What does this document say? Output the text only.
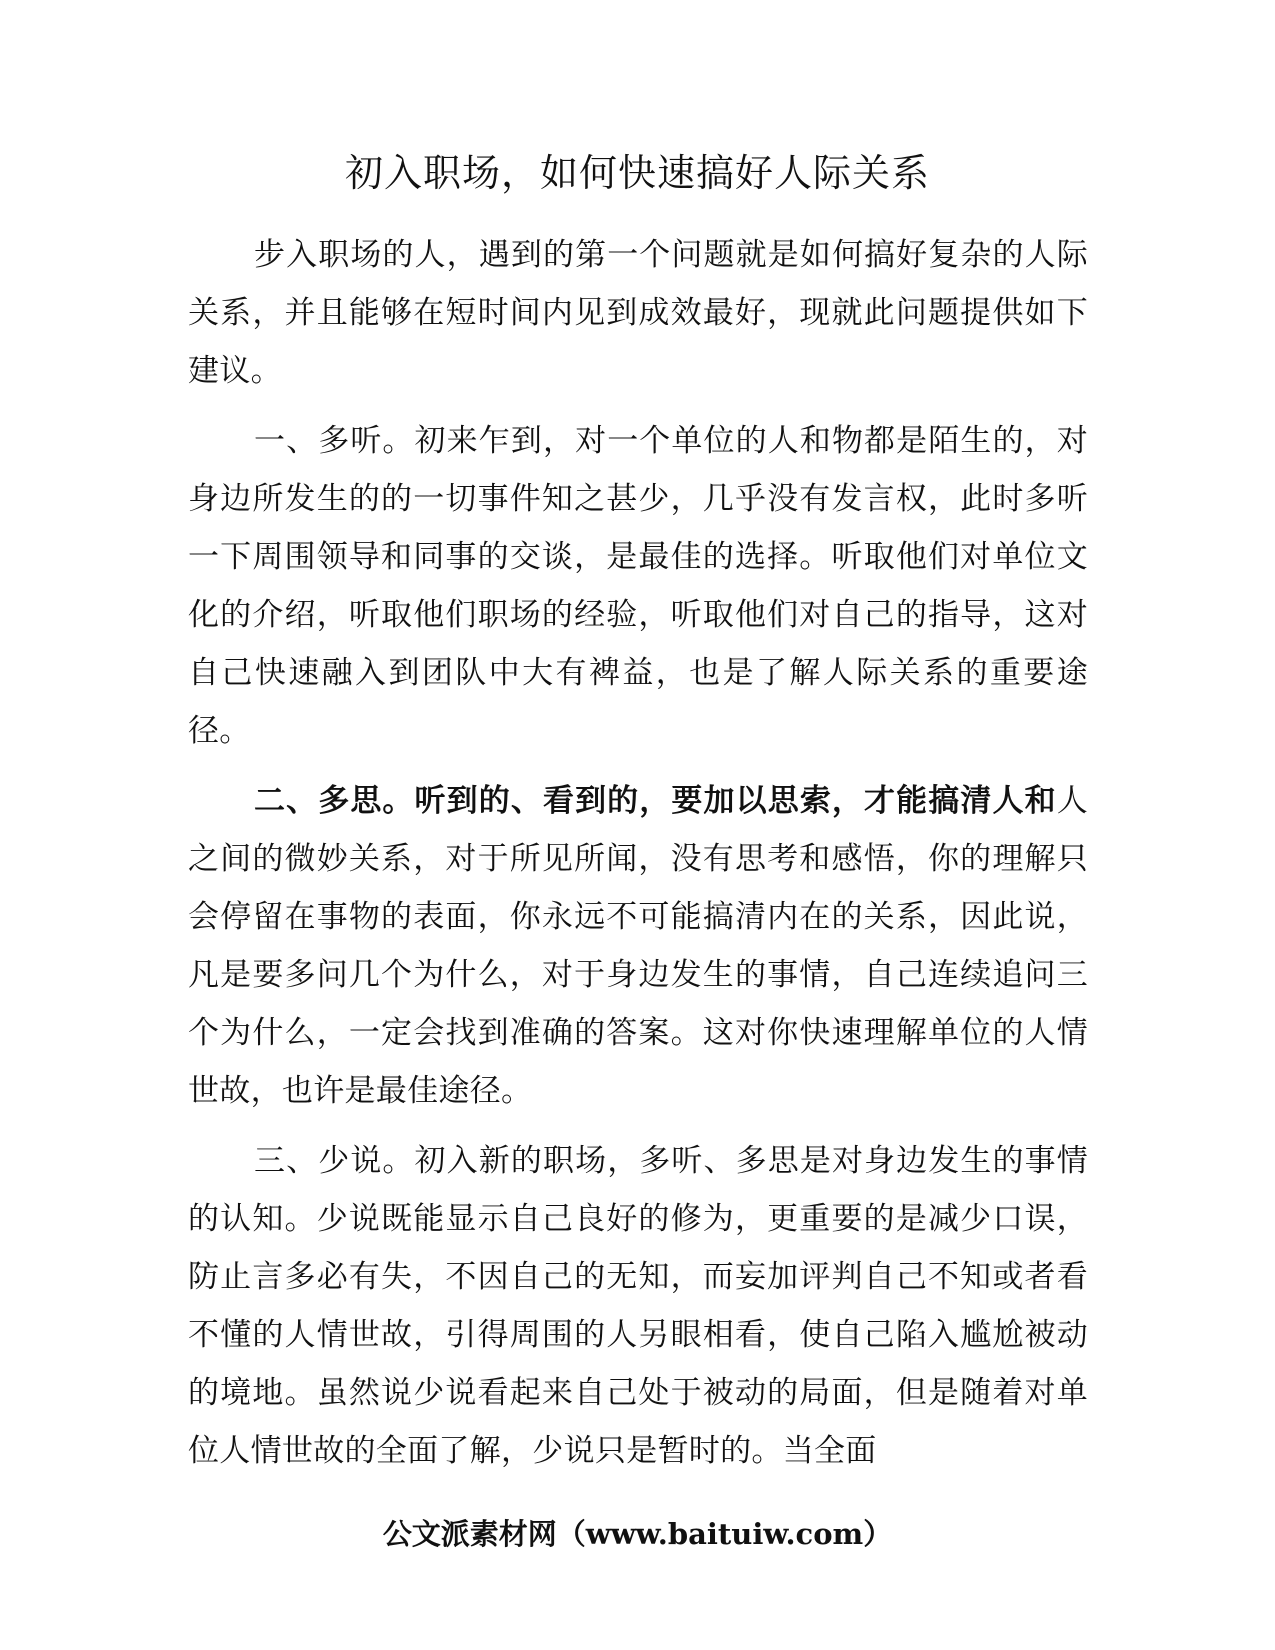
初入职场，如何快速搞好人际关系

步入职场的人，遇到的第一个问题就是如何搞好复杂的人际关系，并且能够在短时间内见到成效最好，现就此问题提供如下建议。

一、多听。初来乍到，对一个单位的人和物都是陌生的，对身边所发生的的一切事件知之甚少，几乎没有发言权，此时多听一下周围领导和同事的交谈，是最佳的选择。听取他们对单位文化的介绍，听取他们职场的经验，听取他们对自己的指导，这对自己快速融入到团队中大有裨益，也是了解人际关系的重要途径。

二、多思。听到的、看到的，要加以思索，才能搞清人和人之间的微妙关系，对于所见所闻，没有思考和感悟，你的理解只会停留在事物的表面，你永远不可能搞清内在的关系，因此说，凡是要多问几个为什么，对于身边发生的事情，自己连续追问三个为什么，一定会找到准确的答案。这对你快速理解单位的人情世故，也许是最佳途径。

三、少说。初入新的职场，多听、多思是对身边发生的事情的认知。少说既能显示自己良好的修为，更重要的是减少口误，防止言多必有失，不因自己的无知，而妄加评判自己不知或者看不懂的人情世故，引得周围的人另眼相看，使自己陷入尴尬被动的境地。虽然说少说看起来自己处于被动的局面，但是随着对单位人情世故的全面了解，少说只是暂时的。当全面

公文派素材网（www.baituiw.com）
